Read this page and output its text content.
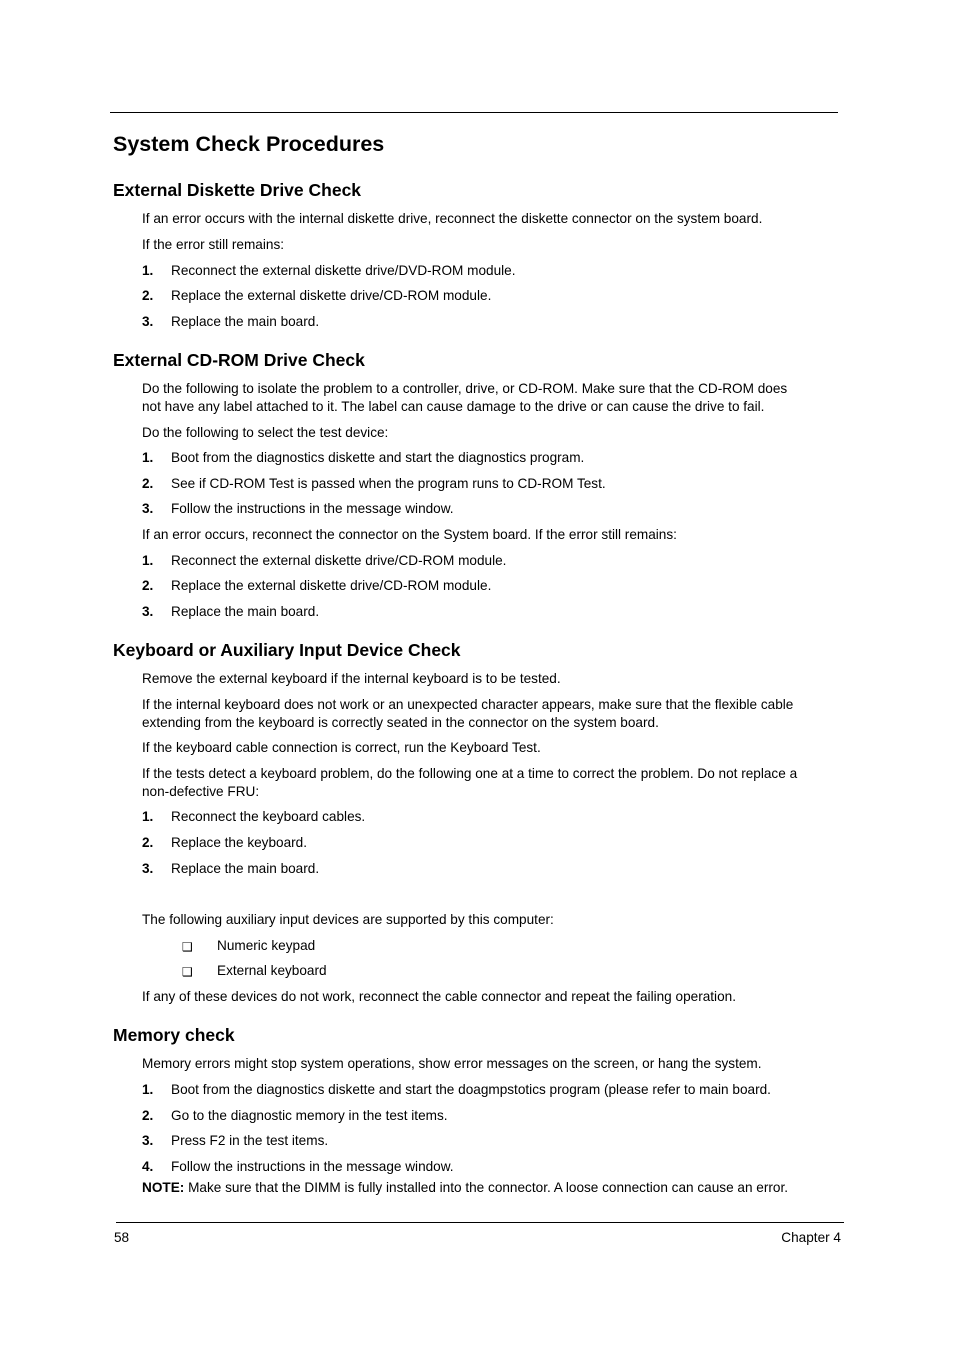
System Check Procedures
External Diskette Drive Check
If an error occurs with the internal diskette drive, reconnect the diskette connector on the system board.
If the error still remains:
1. Reconnect the external diskette drive/DVD-ROM module.
2. Replace the external diskette drive/CD-ROM module.
3. Replace the main board.
External CD-ROM Drive Check
Do the following to isolate the problem to a controller, drive, or CD-ROM. Make sure that the CD-ROM does
not have any label attached to it. The label can cause damage to the drive or can cause the drive to fail.
Do the following to select the test device:
1. Boot from the diagnostics diskette and start the diagnostics program.
2. See if CD-ROM Test is passed when the program runs to CD-ROM Test.
3. Follow the instructions in the message window.
If an error occurs, reconnect the connector on the System board. If the error still remains:
1. Reconnect the external diskette drive/CD-ROM module.
2. Replace the external diskette drive/CD-ROM module.
3. Replace the main board.
Keyboard or Auxiliary Input Device Check
Remove the external keyboard if the internal keyboard is to be tested.
If the internal keyboard does not work or an unexpected character appears, make sure that the flexible cable
extending from the keyboard is correctly seated in the connector on the system board.
If the keyboard cable connection is correct, run the Keyboard Test.
If the tests detect a keyboard problem, do the following one at a time to correct the problem. Do not replace a
non-defective FRU:
1. Reconnect the keyboard cables.
2. Replace the keyboard.
3. Replace the main board.
The following auxiliary input devices are supported by this computer:
❑ Numeric keypad
❑ External keyboard
If any of these devices do not work, reconnect the cable connector and repeat the failing operation.
Memory check
Memory errors might stop system operations, show error messages on the screen, or hang the system.
1. Boot from the diagnostics diskette and start the doagmpstotics program (please refer to main board.
2. Go to the diagnostic memory in the test items.
3. Press F2 in the test items.
4. Follow the instructions in the message window.
NOTE: Make sure that the DIMM is fully installed into the connector. A loose connection can cause an error.
58	Chapter 4
